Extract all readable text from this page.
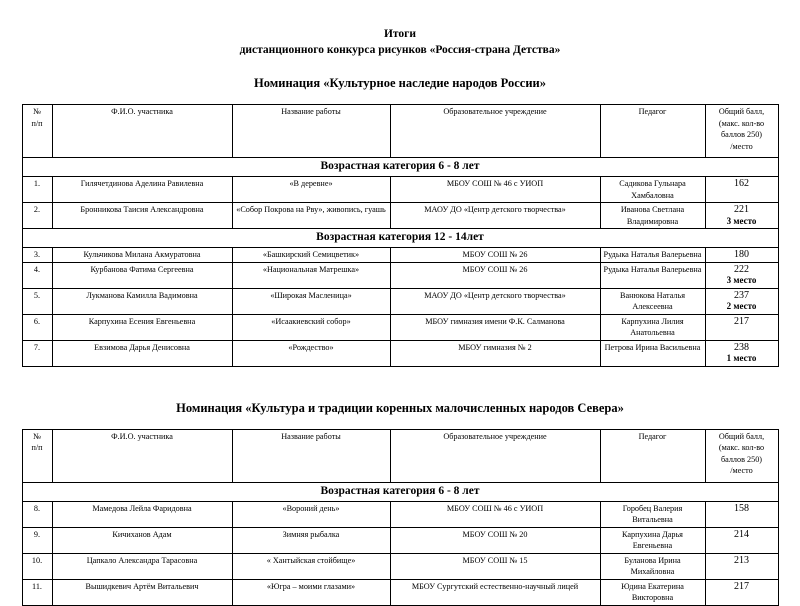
Итоги
дистанционного конкурса рисунков «Россия-страна Детства»
Номинация «Культурное наследие народов России»
№
п/п
	Ф.И.О. участника	Название работы	Образовательное учреждение	Педагог	Общий балл,
(макс. кол-во
баллов 250)
/место

Возрастная категория 6 - 8 лет					
1.	Гилячетдинова Аделина Равилевна	«В деревне»	МБОУ СОШ № 46 с УИОП	Садикова Гульнара Хамбаловна	162
2.	Бронникова Таисия Александровна	«Собор Покрова на Рву», живопись, гуашь	МАОУ ДО «Центр детского творчества»	Иванова Светлана Владимировна	221
3 место

Возрастная категория 12 - 14лет					
3.	Кульчикова Милана Акмуратовна	«Башкирский Семицветик»	МБОУ СОШ № 26	Рудыка Наталья Валерьевна	180
4.	Курбанова Фатима Сергеевна	«Национальная Матрешка»	МБОУ СОШ № 26	Рудыка Наталья Валерьевна	222
3 место

5.	Лукманова Камилла Вадимовна	«Широкая Масленица»	МАОУ ДО «Центр детского творчества»	Ванюкова Наталья Алексеевна	237
2 место

6.	Карпухина Есения Евгеньевна	«Исаакиевский собор»	МБОУ гимназия имени Ф.К. Салманова	Карпухина Лилия Анатольевна	217
7.	Евзимова Дарья Денисовна	«Рождество»	МБОУ гимназия № 2	Петрова Ирина Васильевна	238
1 место
Номинация «Культура и традиции коренных малочисленных народов Севера»
№
п/п
	Ф.И.О. участника	Название работы	Образовательное учреждение	Педагог	Общий балл,
(макс. кол-во
баллов 250)
/место

Возрастная категория 6 - 8 лет					
8.	Мамедова Лейла Фаридовна	«Вороний день»	МБОУ СОШ № 46 с УИОП	Горобец Валерия Витальевна	158
9.	Кичиханов Адам	Зимняя рыбалка	МБОУ СОШ № 20	Карпухина Дарья Евгеньевна	214
10.	Цапкало Александра Тарасовна	« Хантыйская стойбище»	МБОУ СОШ № 15	Буланова Ирина Михайловна	213
11.	Вышидкевич Артём Витальевич	«Югра – моими глазами»	МБОУ Сургутский естественно-научный лицей	Юдина Екатерина Викторовна	217
